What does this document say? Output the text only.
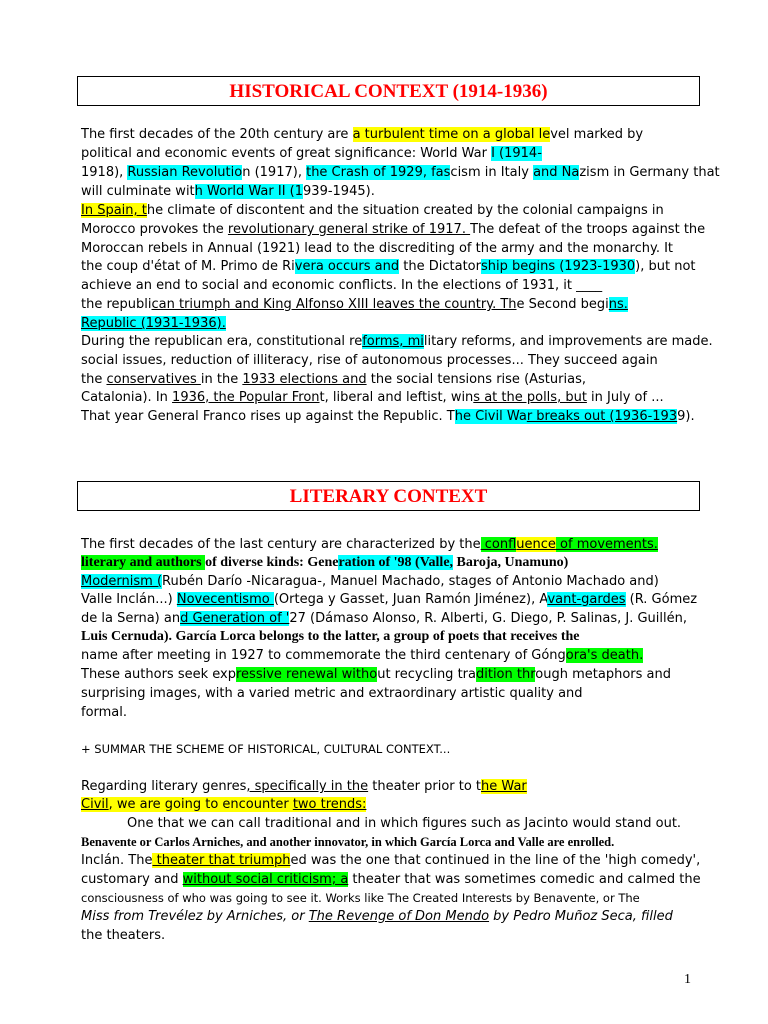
HISTORICAL CONTEXT (1914-1936)
The first decades of the 20th century are a turbulent time on a global level marked by
political and economic events of great significance: World War I (1914-
1918), Russian Revolution (1917), the Crash of 1929, fascism in Italy and Nazism in Germany that
will culminate with World War II (1939-1945).
In Spain, the climate of discontent and the situation created by the colonial campaigns in
Morocco provokes the revolutionary general strike of 1917. The defeat of the troops against the
Moroccan rebels in Annual (1921) lead to the discrediting of the army and the monarchy. It
the coup d'état of M. Primo de Rivera occurs and the Dictatorship begins (1923-1930), but not
achieve an end to social and economic conflicts. In the elections of 1931, it ____
the republican triumph and King Alfonso XIII leaves the country. The Second begins.
Republic (1931-1936).
During the republican era, constitutional reforms, military reforms, and improvements are made.
social issues, reduction of illiteracy, rise of autonomous processes... They succeed again
the conservatives in the 1933 elections and the social tensions rise (Asturias,
Catalonia). In 1936, the Popular Front, liberal and leftist, wins at the polls, but in July of ...
That year General Franco rises up against the Republic. The Civil War breaks out (1936-1939).
LITERARY CONTEXT
The first decades of the last century are characterized by the confluence of movements.
literary and authors of diverse kinds: Generation of '98 (Valle, Baroja, Unamuno)
Modernism (Rubén Darío -Nicaragua-, Manuel Machado, stages of Antonio Machado and)
Valle Inclán...) Novecentismo (Ortega y Gasset, Juan Ramón Jiménez), Avant-gardes (R. Gómez
de la Serna) and Generation of '27 (Dámaso Alonso, R. Alberti, G. Diego, P. Salinas, J. Guillén,
Luis Cernuda). García Lorca belongs to the latter, a group of poets that receives the
name after meeting in 1927 to commemorate the third centenary of Góngora's death.
These authors seek expressive renewal without recycling tradition through metaphors and
surprising images, with a varied metric and extraordinary artistic quality and
formal.
+ SUMMAR THE SCHEME OF HISTORICAL, CULTURAL CONTEXT...
Regarding literary genres, specifically in the theater prior to the War
Civil, we are going to encounter two trends:
One that we can call traditional and in which figures such as Jacinto would stand out.
Benavente or Carlos Arniches, and another innovator, in which García Lorca and Valle are enrolled.
Inclán. The theater that triumphed was the one that continued in the line of the 'high comedy',
customary and without social criticism; a theater that was sometimes comedic and calmed the
consciousness of who was going to see it. Works like The Created Interests by Benavente, or The
Miss from Trevélez by Arniches, or The Revenge of Don Mendo by Pedro Muñoz Seca, filled
the theaters.
1
